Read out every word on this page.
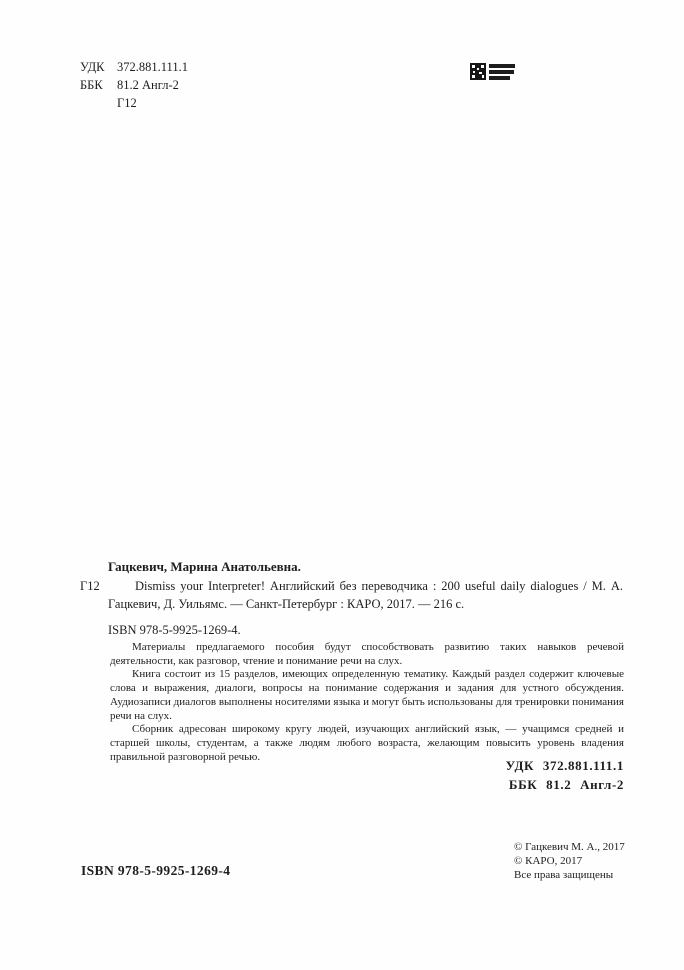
УДК	372.881.111.1
ББК	81.2 Англ-2
Г12
Гацкевич, Марина Анатольевна.
Г12	Dismiss your Interpreter! Английский без переводчика : 200 useful daily dialogues / М. А. Гацкевич, Д. Уильямс. — Санкт-Петербург : КАРО, 2017. — 216 с.
ISBN 978-5-9925-1269-4.

Материалы предлагаемого пособия будут способствовать развитию таких навыков речевой деятельности, как разговор, чтение и понимание речи на слух.

Книга состоит из 15 разделов, имеющих определенную тематику. Каждый раздел содержит ключевые слова и выражения, диалоги, вопросы на понимание содержания и задания для устного обсуждения. Аудиозаписи диалогов выполнены носителями языка и могут быть использованы для тренировки понимания речи на слух.

Сборник адресован широкому кругу людей, изучающих английский язык, — учащимся средней и старшей школы, студентам, а также людям любого возраста, желающим повысить уровень владения правильной разговорной речью.

УДК 372.881.111.1
ББК 81.2 Англ-2
ISBN 978-5-9925-1269-4
© Гацкевич М. А., 2017
© КАРО, 2017
Все права защищены
